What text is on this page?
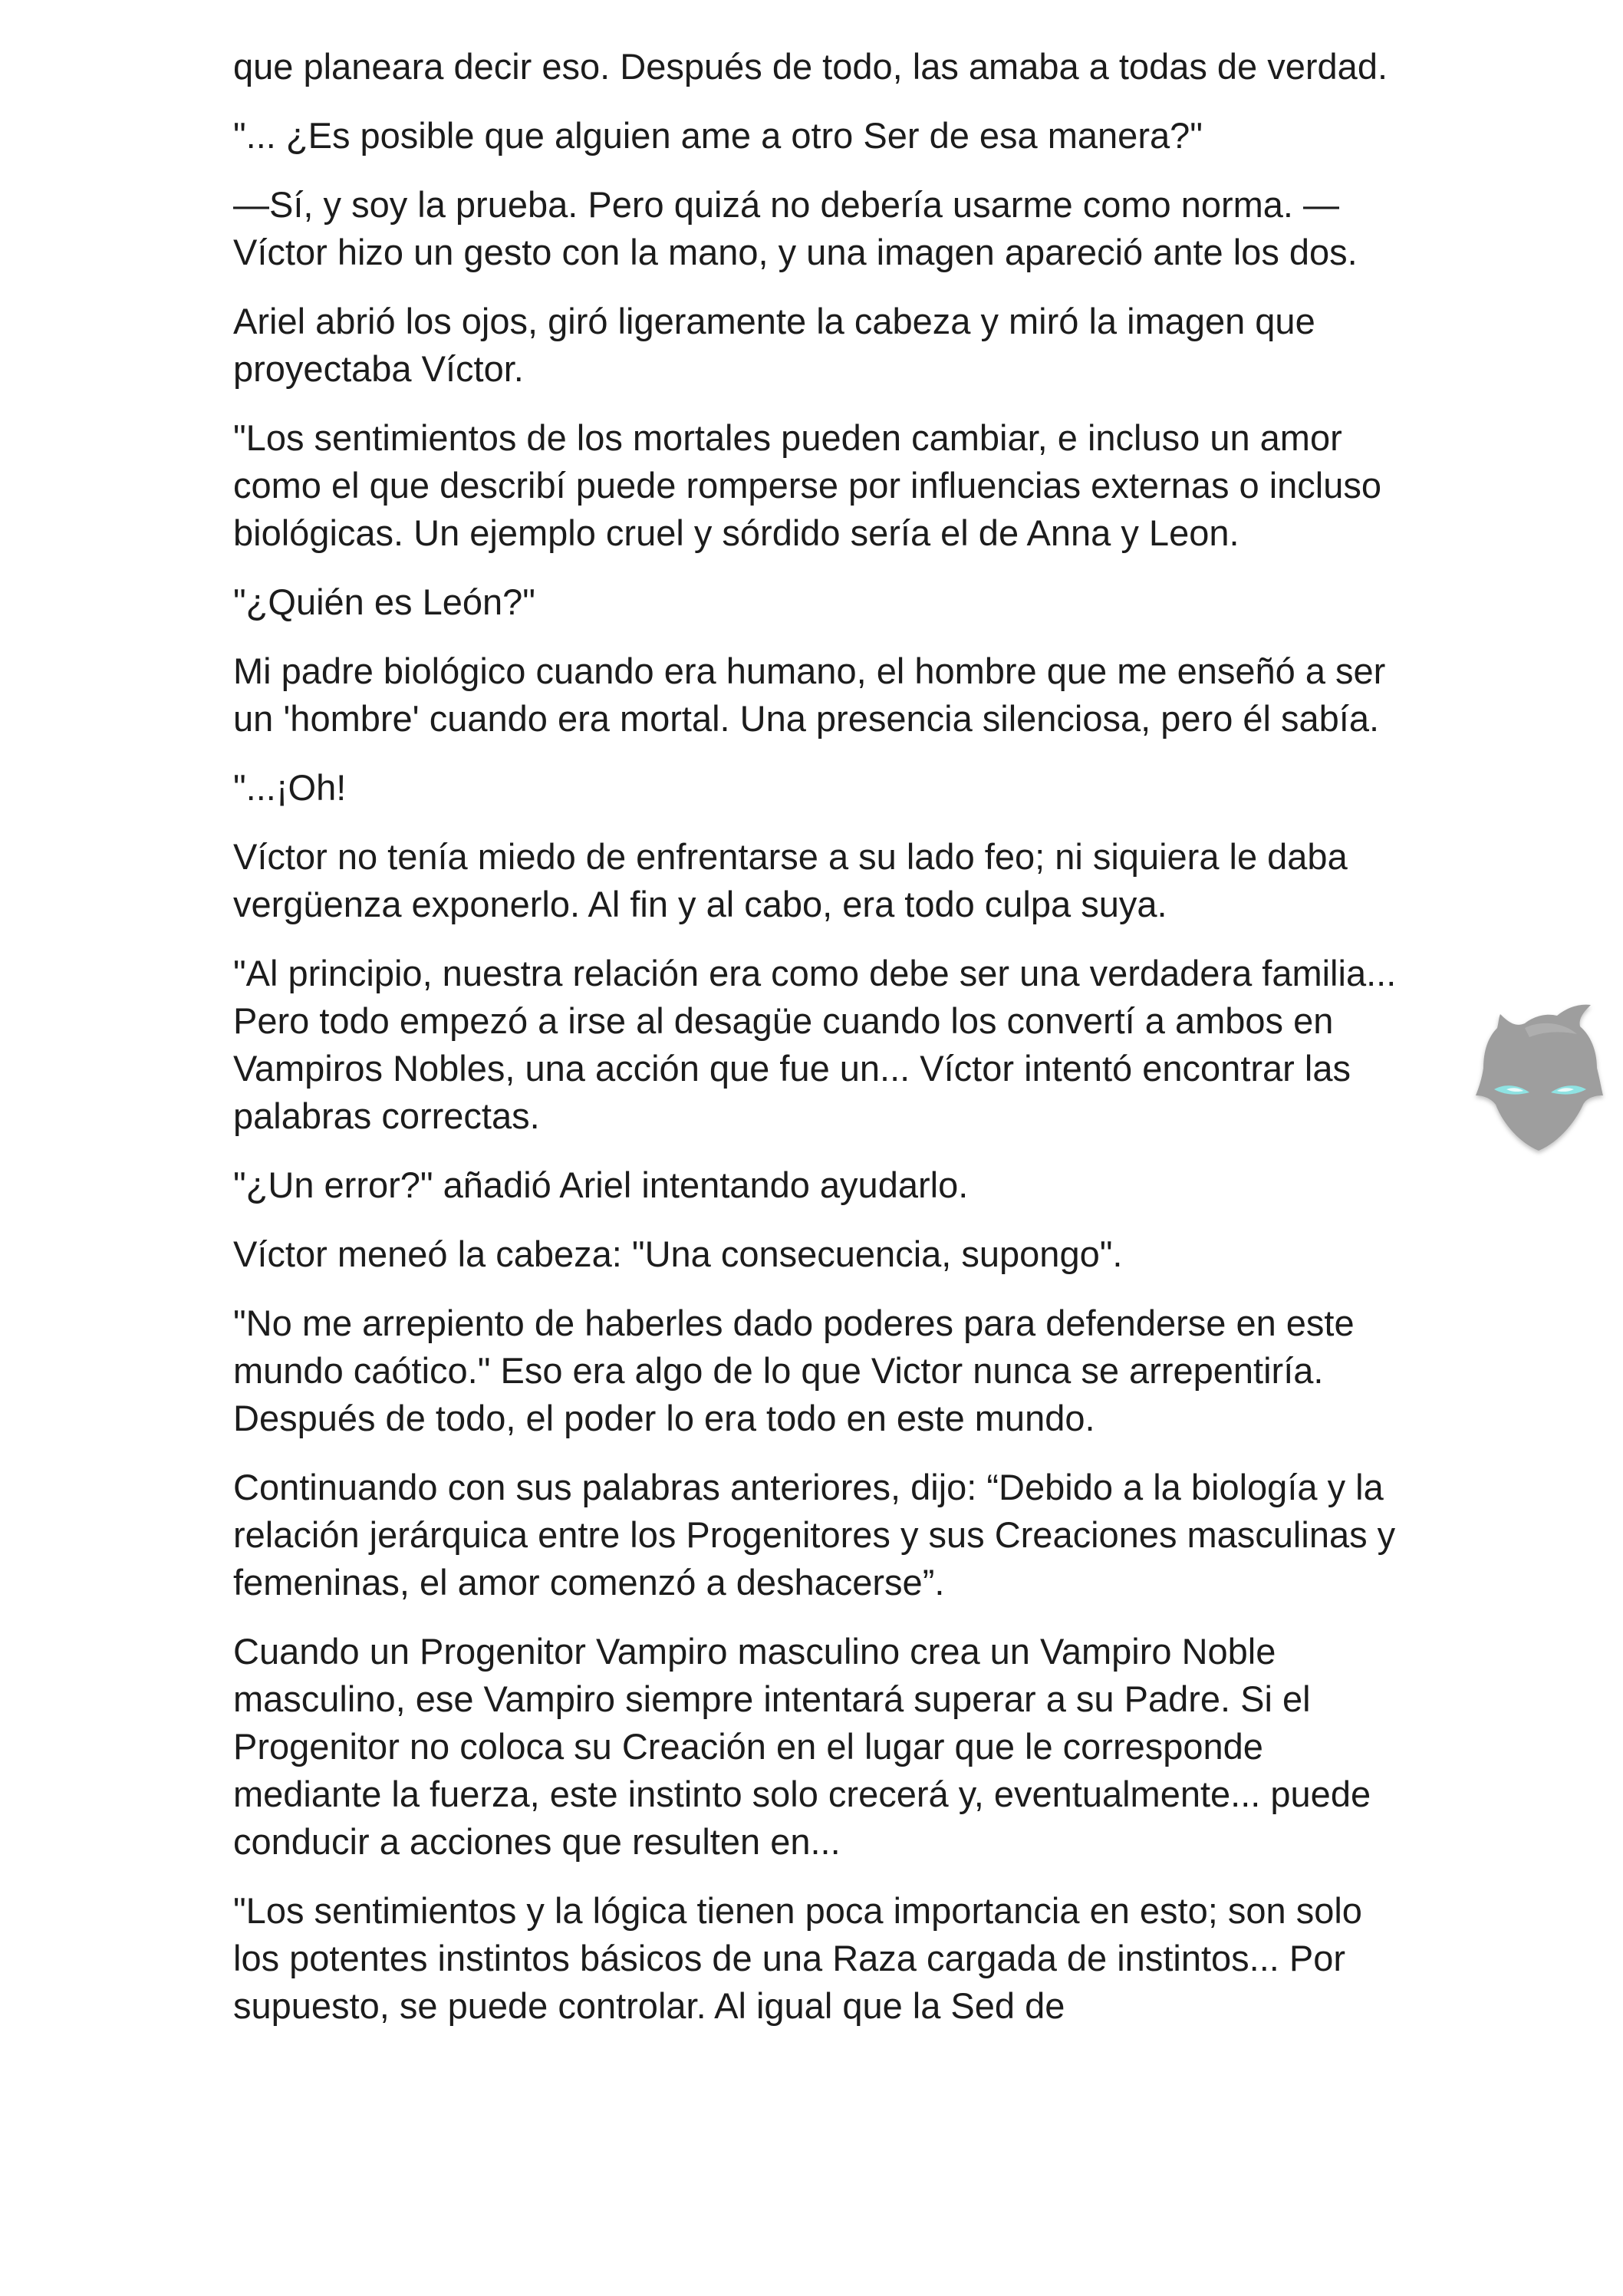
que planeara decir eso. Después de todo, las amaba a todas de verdad.

"... ¿Es posible que alguien ame a otro Ser de esa manera?"

—Sí, y soy la prueba. Pero quizá no debería usarme como norma. —Víctor hizo un gesto con la mano, y una imagen apareció ante los dos.

Ariel abrió los ojos, giró ligeramente la cabeza y miró la imagen que proyectaba Víctor.

"Los sentimientos de los mortales pueden cambiar, e incluso un amor como el que describí puede romperse por influencias externas o incluso biológicas. Un ejemplo cruel y sórdido sería el de Anna y Leon.

"¿Quién es León?"

Mi padre biológico cuando era humano, el hombre que me enseñó a ser un 'hombre' cuando era mortal. Una presencia silenciosa, pero él sabía.

"...¡Oh!

Víctor no tenía miedo de enfrentarse a su lado feo; ni siquiera le daba vergüenza exponerlo. Al fin y al cabo, era todo culpa suya.

"Al principio, nuestra relación era como debe ser una verdadera familia... Pero todo empezó a irse al desagüe cuando los convertí a ambos en Vampiros Nobles, una acción que fue un... Víctor intentó encontrar las palabras correctas.

"¿Un error?" añadió Ariel intentando ayudarlo.

Víctor meneó la cabeza: "Una consecuencia, supongo".

"No me arrepiento de haberles dado poderes para defenderse en este mundo caótico." Eso era algo de lo que Victor nunca se arrepentiría. Después de todo, el poder lo era todo en este mundo.

Continuando con sus palabras anteriores, dijo: “Debido a la biología y la relación jerárquica entre los Progenitores y sus Creaciones masculinas y femeninas, el amor comenzó a deshacerse”.

Cuando un Progenitor Vampiro masculino crea un Vampiro Noble masculino, ese Vampiro siempre intentará superar a su Padre. Si el Progenitor no coloca su Creación en el lugar que le corresponde mediante la fuerza, este instinto solo crecerá y, eventualmente... puede conducir a acciones que resulten en...

"Los sentimientos y la lógica tienen poca importancia en esto; son solo los potentes instintos básicos de una Raza cargada de instintos... Por supuesto, se puede controlar. Al igual que la Sed de
